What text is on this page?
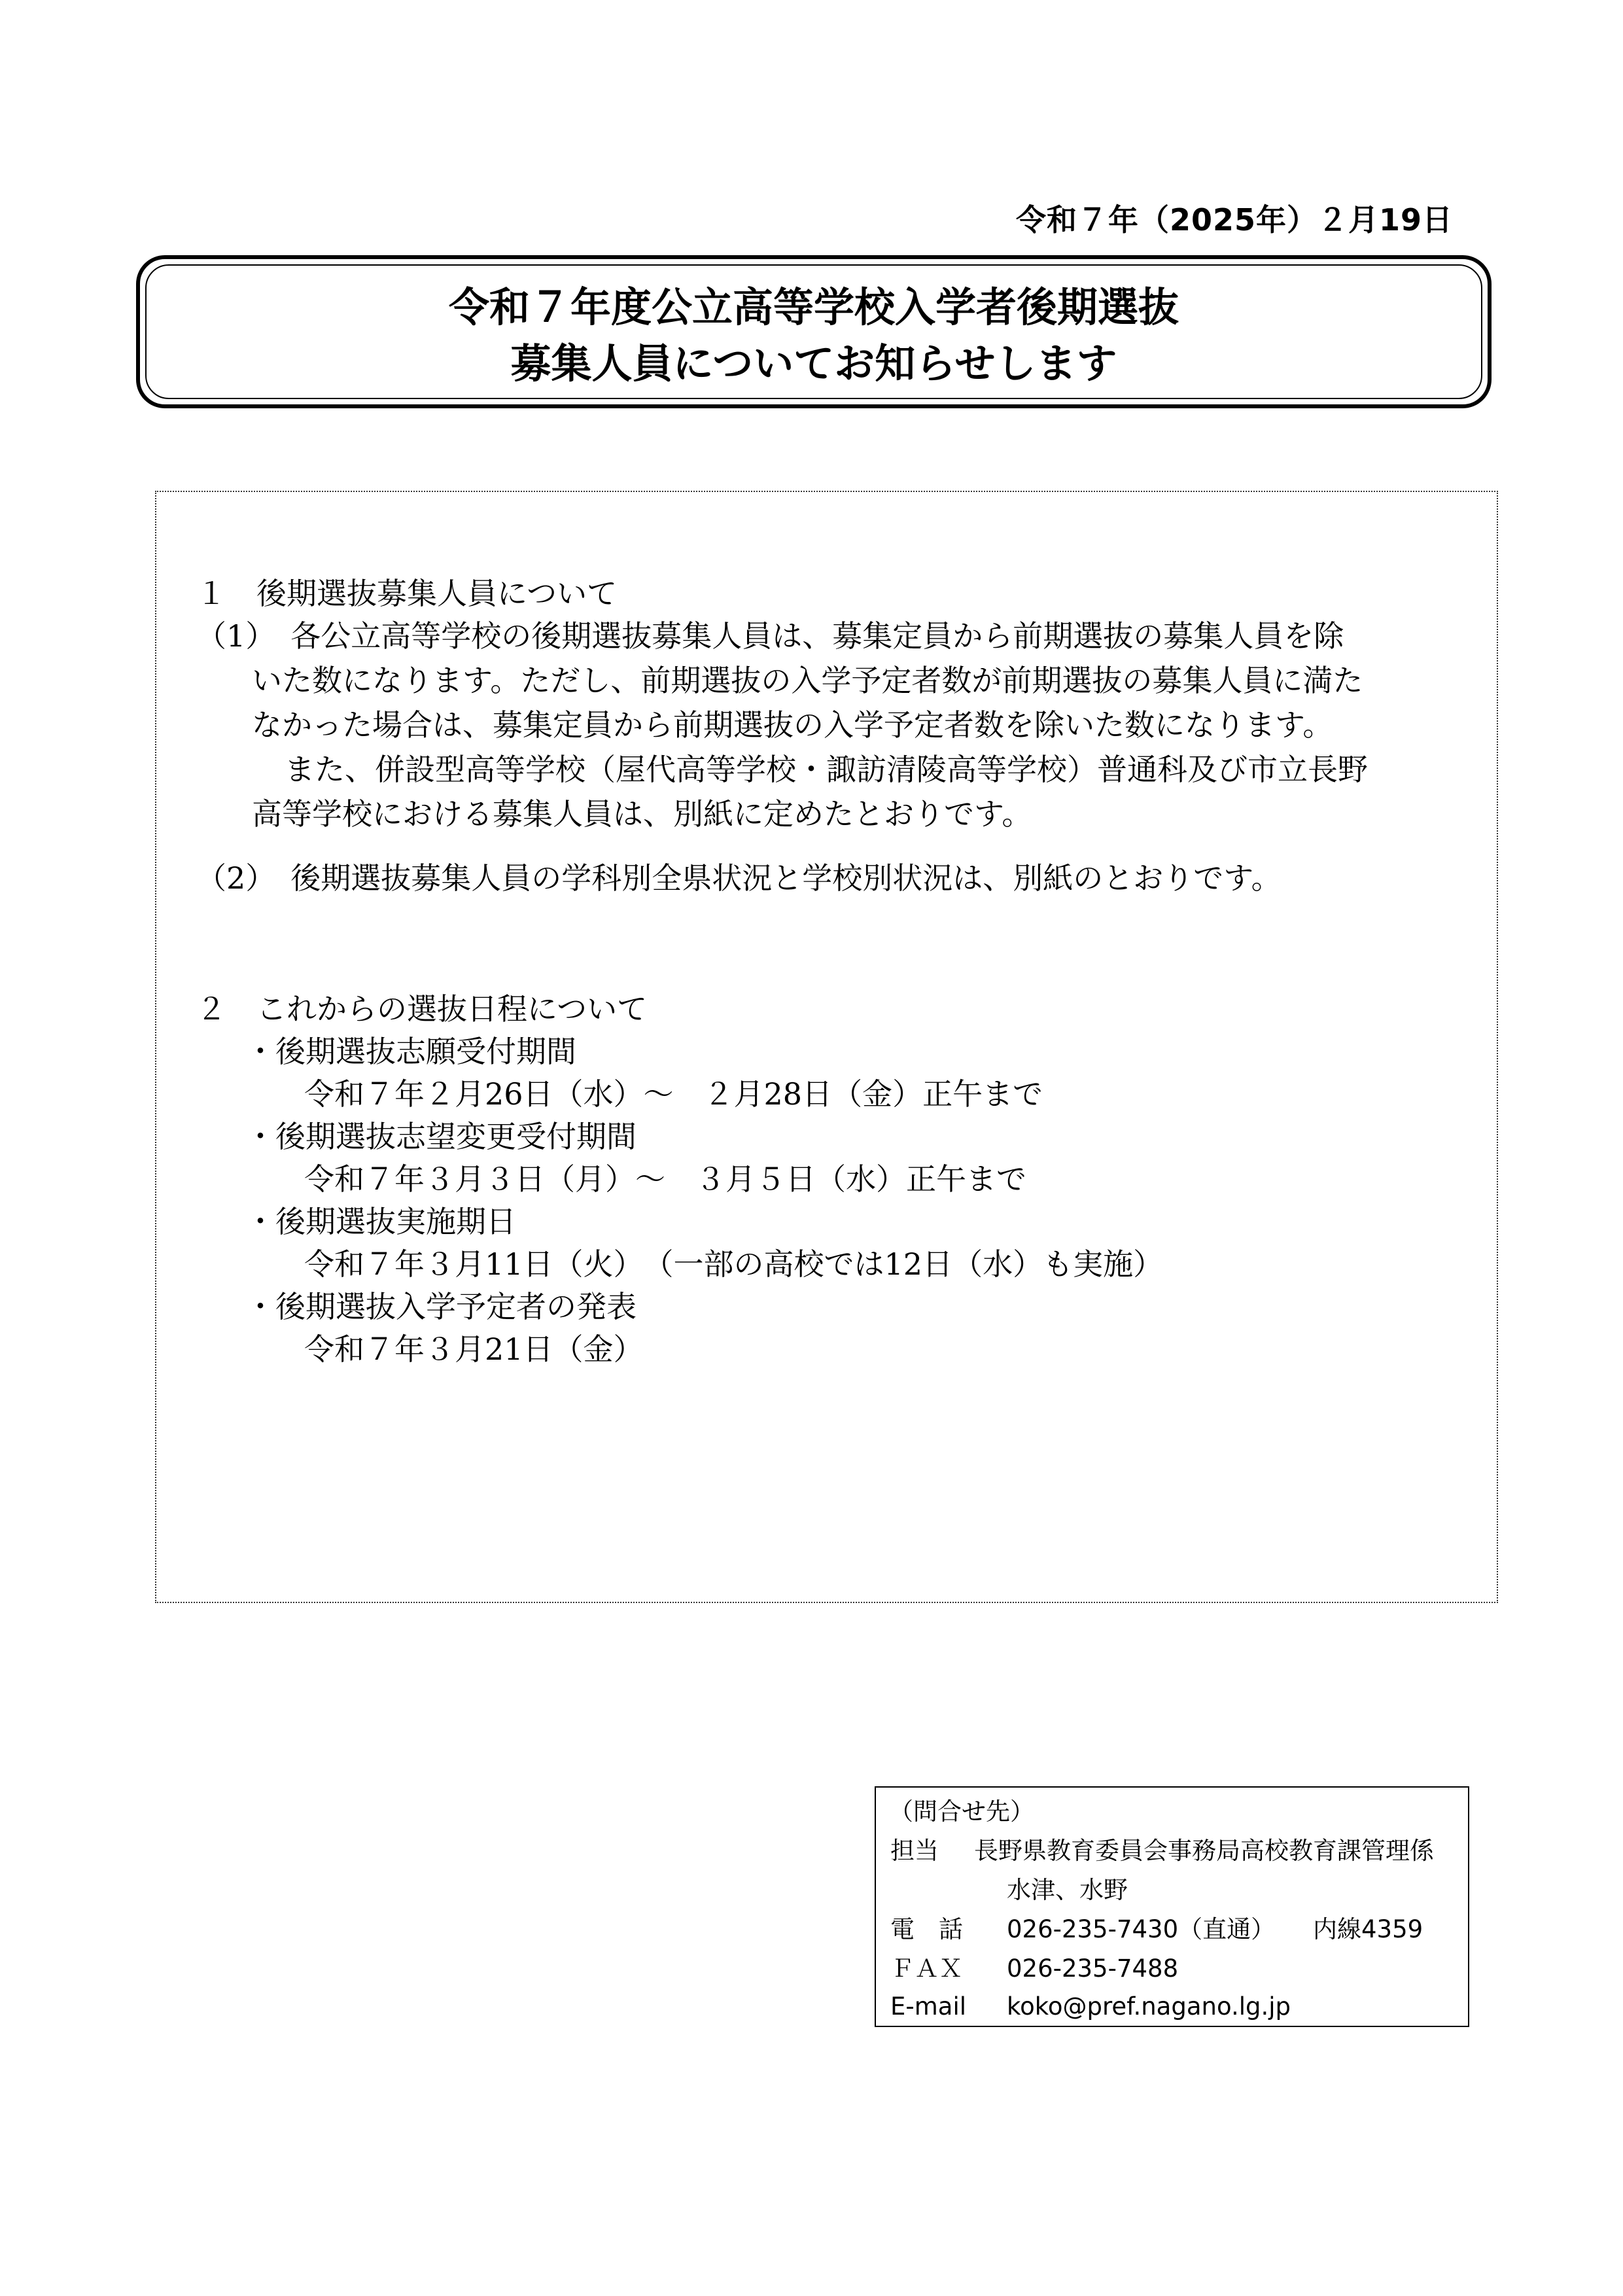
令和７年（2025年）２月19日
令和７年度公立高等学校入学者後期選抜
募集人員についてお知らせします
１　後期選抜募集人員について
（1）　各公立高等学校の後期選抜募集人員は、募集定員から前期選抜の募集人員を除
いた数になります。ただし、前期選抜の入学予定者数が前期選抜の募集人員に満た
なかった場合は、募集定員から前期選抜の入学予定者数を除いた数になります。
また、併設型高等学校（屋代高等学校・諏訪清陵高等学校）普通科及び市立長野
高等学校における募集人員は、別紙に定めたとおりです。
（2）　後期選抜募集人員の学科別全県状況と学校別状況は、別紙のとおりです。
２　これからの選抜日程について
・後期選抜志願受付期間
令和７年２月26日（水）～　２月28日（金）正午まで
・後期選抜志望変更受付期間
令和７年３月３日（月）～　３月５日（水）正午まで
・後期選抜実施期日
令和７年３月11日（火）　（一部の高校では12日（水）も実施）
・後期選抜入学予定者の発表
令和７年３月21日（金）
（問合せ先）
担当 長野県教育委員会事務局高校教育課管理係
水津、水野
電　話 026-235-7430（直通） 内線4359
ＦＡＸ 026-235-7488
E-mail koko@pref.nagano.lg.jp
